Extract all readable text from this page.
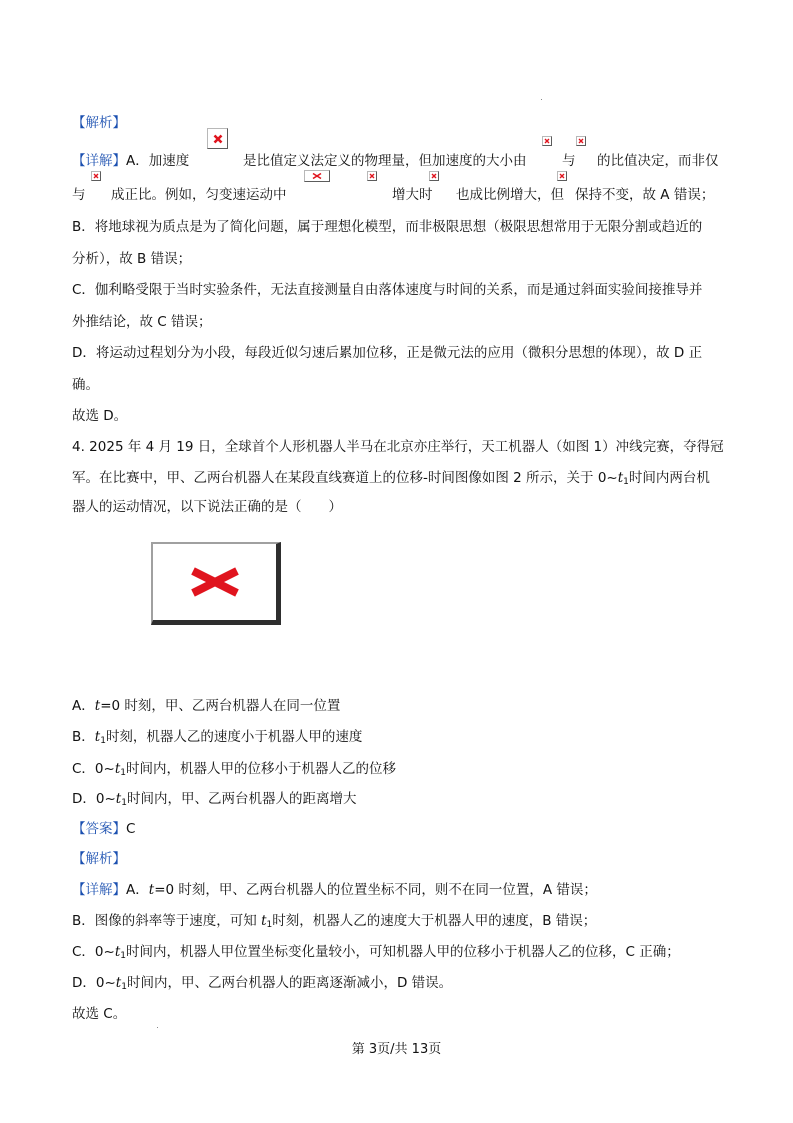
【解析】
【详解】A．加速度	是比值定义法定义的物理量，但加速度的大小由	与 的比值决定，而非仅
与 成正比。例如，匀变速运动中	增大时 也成比例增大，但 保持不变，故 A 错误；
B．将地球视为质点是为了简化问题，属于理想化模型，而非极限思想（极限思想常用于无限分割或趋近的
分析），故 B 错误；
C．伽利略受限于当时实验条件，无法直接测量自由落体速度与时间的关系，而是通过斜面实验间接推导并
外推结论，故 C 错误；
D．将运动过程划分为小段，每段近似匀速后累加位移，正是微元法的应用（微积分思想的体现），故 D 正
确。
故选 D。
4. 2025 年 4 月 19 日，全球首个人形机器人半马在北京亦庄举行，天工机器人（如图 1）冲线完赛，夺得冠
军。在比赛中，甲、乙两台机器人在某段直线赛道上的位移-时间图像如图 2 所示，关于 $0\sim t_1$时间内两台机
器人的运动情况，以下说法正确的是（　　）
A．t=0 时刻，甲、乙两台机器人在同一位置
B．$t_1$时刻，机器人乙的速度小于机器人甲的速度
C．$0\sim t_1$时间内，机器人甲的位移小于机器人乙的位移
D．$0\sim t_1$时间内，甲、乙两台机器人的距离增大
【答案】C
【解析】
【详解】A．t=0 时刻，甲、乙两台机器人的位置坐标不同，则不在同一位置，A 错误；
B．图像的斜率等于速度，可知 $t_1$时刻，机器人乙的速度大于机器人甲的速度，B 错误；
C．$0\sim t_1$时间内，机器人甲位置坐标变化量较小，可知机器人甲的位移小于机器人乙的位移，C 正确；
D．$0\sim t_1$时间内，甲、乙两台机器人的距离逐渐减小，D 错误。
故选 C。
第 3页/共 13页
